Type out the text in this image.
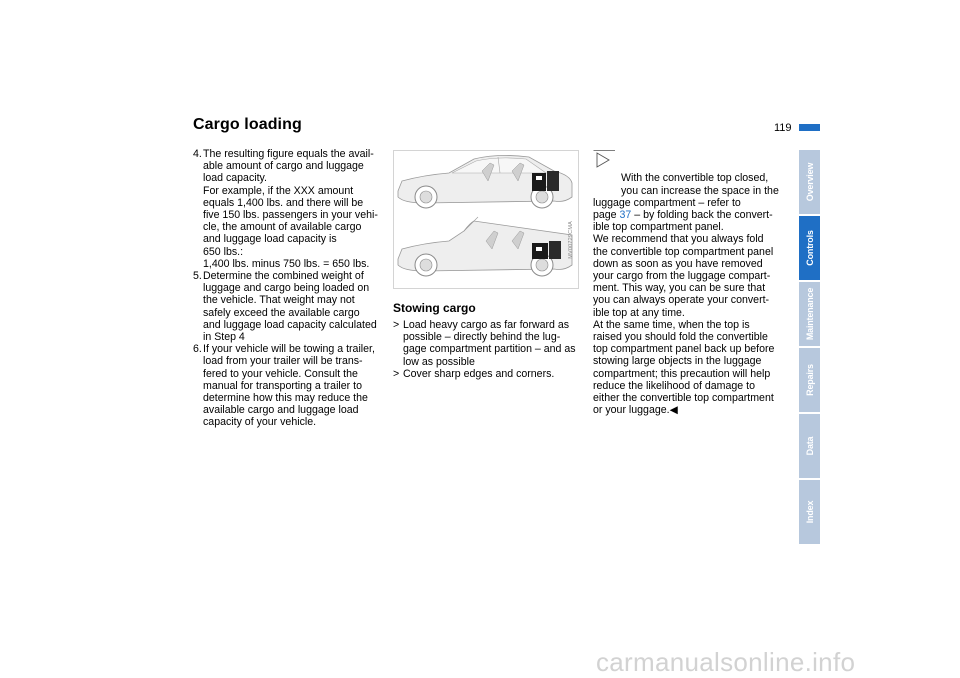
Cargo loading	119
4. The resulting figure equals the avail-
able amount of cargo and luggage
load capacity.
For example, if the XXX amount
equals 1,400 lbs. and there will be
five 150 lbs. passengers in your vehi-
cle, the amount of available cargo
and luggage load capacity is
650 lbs.:
1,400 lbs. minus 750 lbs. = 650 lbs.
5. Determine the combined weight of
luggage and cargo being loaded on
the vehicle. That weight may not
safely exceed the available cargo
and luggage load capacity calculated
in Step 4
6. If your vehicle will be towing a trailer,
load from your trailer will be trans-
fered to your vehicle. Consult the
manual for transporting a trailer to
determine how this may reduce the
available cargo and luggage load
capacity of your vehicle.
MV00729CMA
Stowing cargo
> Load heavy cargo as far forward as
possible – directly behind the lug-
gage compartment partition – and as
low as possible
> Cover sharp edges and corners.

With the convertible top closed,
you can increase the space in the
luggage compartment – refer to
page 37 – by folding back the convert-
ible top compartment panel.
We recommend that you always fold
the convertible top compartment panel
down as soon as you have removed
your cargo from the luggage compart-
ment. This way, you can be sure that
you can always operate your convert-
ible top at any time.
At the same time, when the top is
raised you should fold the convertible
top compartment panel back up before
stowing large objects in the luggage
compartment; this precaution will help
reduce the likelihood of damage to
either the convertible top compartment
or your luggage.◀

Overview
Controls
Maintenance
Repairs
Data
Index
carmanualsonline.info
